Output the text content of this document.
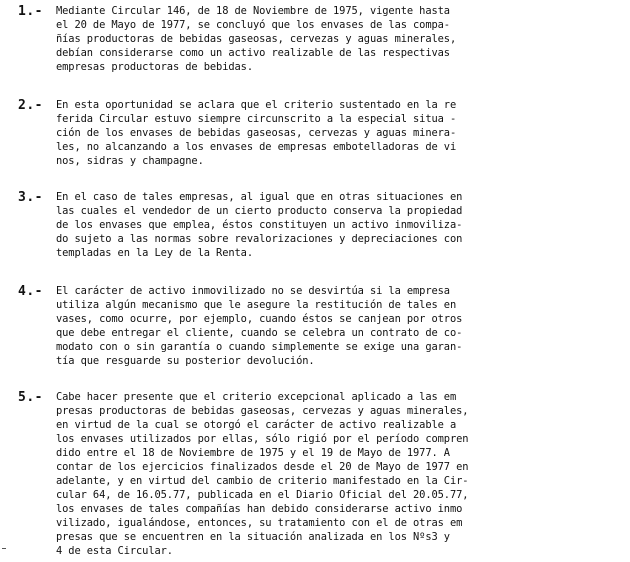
1.- Mediante Circular 146, de 18 de Noviembre de 1975, vigente hasta
el 20 de Mayo de 1977, se concluyó que los envases de las compa-
ñías productoras de bebidas gaseosas, cervezas y aguas minerales,
debían considerarse como un activo realizable de las respectivas
empresas productoras de bebidas.
2.- En esta oportunidad se aclara que el criterio sustentado en la re
ferida Circular estuvo siempre circunscrito a la especial situa -
ción de los envases de bebidas gaseosas, cervezas y aguas minera-
les, no alcanzando a los envases de empresas embotelladoras de vi
nos, sidras y champagne.
3.- En el caso de tales empresas, al igual que en otras situaciones en
las cuales el vendedor de un cierto producto conserva la propiedad
de los envases que emplea, éstos constituyen un activo inmoviliza-
do sujeto a las normas sobre revalorizaciones y depreciaciones con
templadas en la Ley de la Renta.
4.- El carácter de activo inmovilizado no se desvirtúa si la empresa
utiliza algún mecanismo que le asegure la restitución de tales en
vases, como ocurre, por ejemplo, cuando éstos se canjean por otros
que debe entregar el cliente, cuando se celebra un contrato de co-
modato con o sin garantía o cuando simplemente se exige una garan-
tía que resguarde su posterior devolución.
5.- Cabe hacer presente que el criterio excepcional aplicado a las em
presas productoras de bebidas gaseosas, cervezas y aguas minerales,
en virtud de la cual se otorgó el carácter de activo realizable a
los envases utilizados por ellas, sólo rigió por el período compren
dido entre el 18 de Noviembre de 1975 y el 19 de Mayo de 1977. A
contar de los ejercicios finalizados desde el 20 de Mayo de 1977 en
adelante, y en virtud del cambio de criterio manifestado en la Cir-
cular 64, de 16.05.77, publicada en el Diario Oficial del 20.05.77,
los envases de tales compañías han debido considerarse activo inmo
vilizado, igualándose, entonces, su tratamiento con el de otras em
presas que se encuentren en la situación analizada en los Nºs3 y
4 de esta Circular.
